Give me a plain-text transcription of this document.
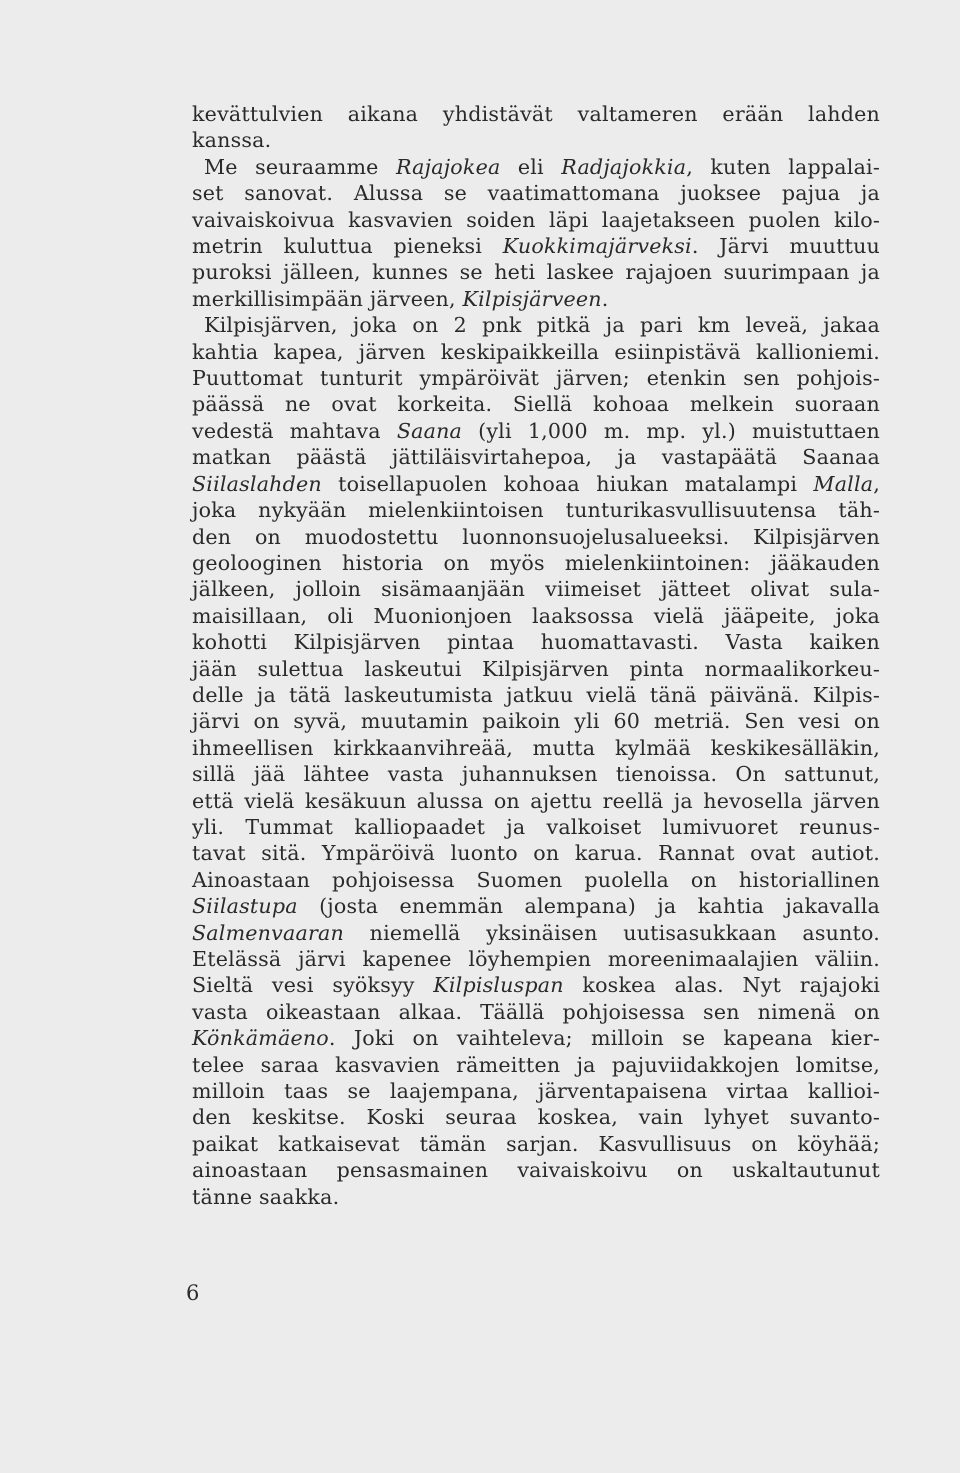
kevättulvien aikana yhdistävät valtameren erään lahden
kanssa.
Me seuraamme Rajajokea eli Radjajokkia, kuten lappalai-
set sanovat. Alussa se vaatimattomana juoksee pajua ja
vaivaiskoivua kasvavien soiden läpi laajetakseen puolen kilo-
metrin kuluttua pieneksi Kuokkimajärveksi. Järvi muuttuu
puroksi jälleen, kunnes se heti laskee rajajoen suurimpaan ja
merkillisimpään järveen, Kilpisjärveen.
Kilpisjärven, joka on 2 pnk pitkä ja pari km leveä, jakaa
kahtia kapea, järven keskipaikkeilla esiinpistävä kallioniemi.
Puuttomat tunturit ympäröivät järven; etenkin sen pohjois-
päässä ne ovat korkeita. Siellä kohoaa melkein suoraan
vedestä mahtava Saana (yli 1,000 m. mp. yl.) muistuttaen
matkan päästä jättiläisvirtahepoa, ja vastapäätä Saanaa
Siilaslahden toisellapuolen kohoaa hiukan matalampi Malla,
joka nykyään mielenkiintoisen tunturikasvullisuutensa täh-
den on muodostettu luonnonsuojelusalueeksi. Kilpisjärven
geolooginen historia on myös mielenkiintoinen: jääkauden
jälkeen, jolloin sisämaanjään viimeiset jätteet olivat sula-
maisillaan, oli Muonionjoen laaksossa vielä jääpeite, joka
kohotti Kilpisjärven pintaa huomattavasti. Vasta kaiken
jään sulettua laskeutui Kilpisjärven pinta normaalikorkeu-
delle ja tätä laskeutumista jatkuu vielä tänä päivänä. Kilpis-
järvi on syvä, muutamin paikoin yli 60 metriä. Sen vesi on
ihmeellisen kirkkaanvihreää, mutta kylmää keskikesälläkin,
sillä jää lähtee vasta juhannuksen tienoissa. On sattunut,
että vielä kesäkuun alussa on ajettu reellä ja hevosella järven
yli. Tummat kalliopaadet ja valkoiset lumivuoret reunus-
tavat sitä. Ympäröivä luonto on karua. Rannat ovat autiot.
Ainoastaan pohjoisessa Suomen puolella on historiallinen
Siilastupa (josta enemmän alempana) ja kahtia jakavalla
Salmenvaaran niemellä yksinäisen uutisasukkaan asunto.
Etelässä järvi kapenee löyhempien moreenimaalajien väliin.
Sieltä vesi syöksyy Kilpisluspan koskea alas. Nyt rajajoki
vasta oikeastaan alkaa. Täällä pohjoisessa sen nimenä on
Könkämäeno. Joki on vaihteleva; milloin se kapeana kier-
telee saraa kasvavien rämeitten ja pajuviidakkojen lomitse,
milloin taas se laajempana, järventapaisena virtaa kallioi-
den keskitse. Koski seuraa koskea, vain lyhyet suvanto-
paikat katkaisevat tämän sarjan. Kasvullisuus on köyhää;
ainoastaan pensasmainen vaivaiskoivu on uskaltautunut
tänne saakka.
6
